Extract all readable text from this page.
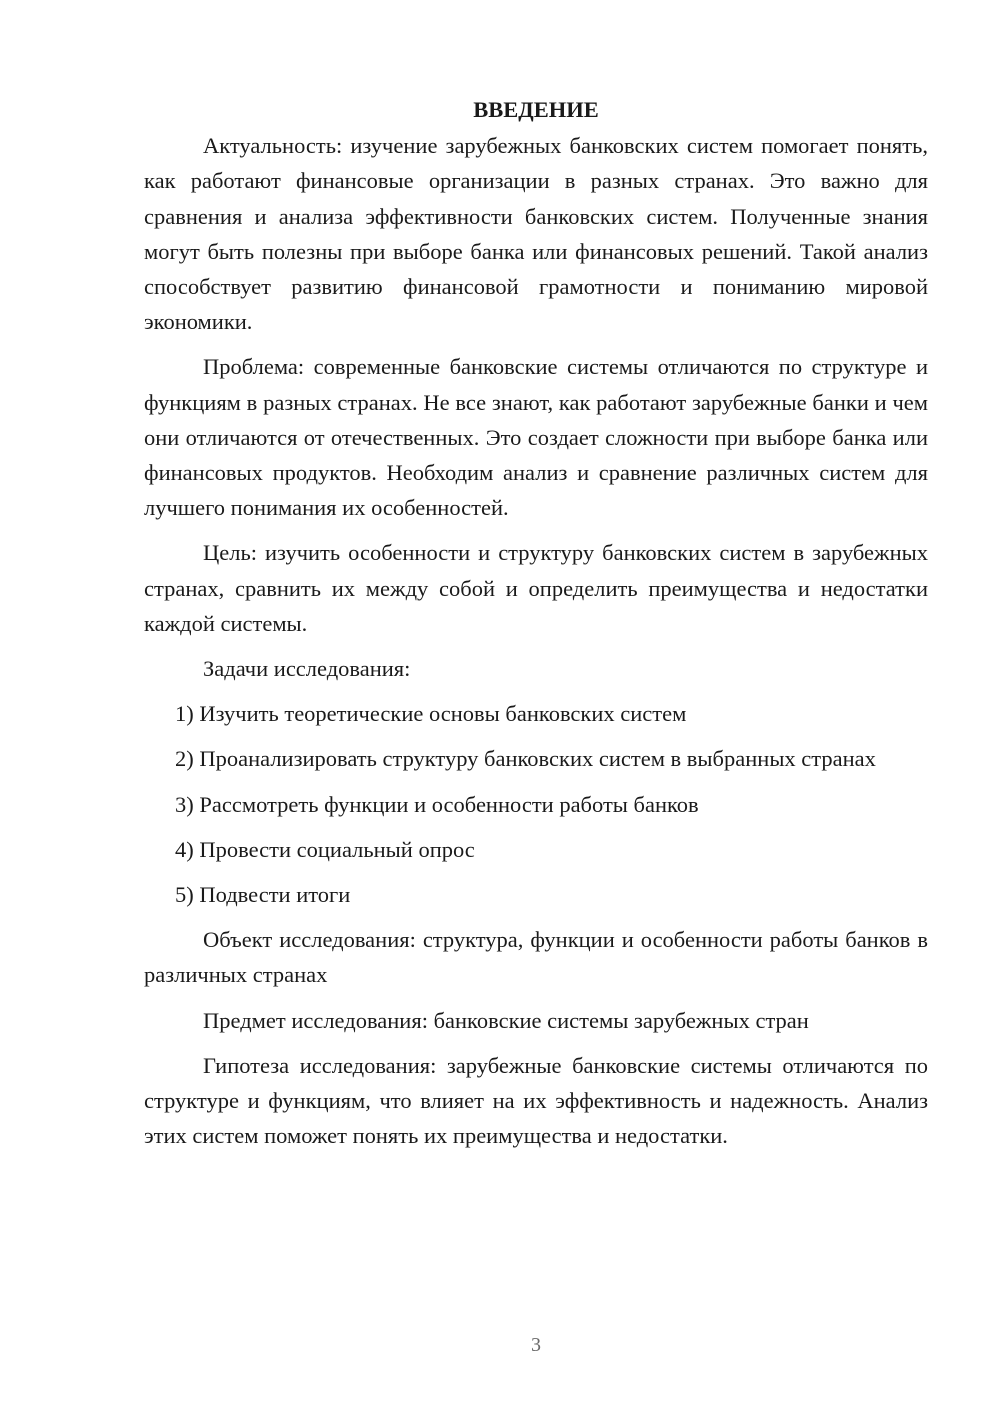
ВВЕДЕНИЕ

Актуальность: изучение зарубежных банковских систем помогает понять, как работают финансовые организации в разных странах. Это важно для сравнения и анализа эффективности банковских систем. Полученные знания могут быть полезны при выборе банка или финансовых решений. Такой анализ способствует развитию финансовой грамотности и пониманию мировой экономики.

Проблема: современные банковские системы отличаются по структуре и функциям в разных странах. Не все знают, как работают зарубежные банки и чем они отличаются от отечественных. Это создает сложности при выборе банка или финансовых продуктов. Необходим анализ и сравнение различных систем для лучшего понимания их особенностей.

Цель: изучить особенности и структуру банковских систем в зарубежных странах, сравнить их между собой и определить преимущества и недостатки каждой системы.

Задачи исследования:

1) Изучить теоретические основы банковских систем

2) Проанализировать структуру банковских систем в выбранных странах

3) Рассмотреть функции и особенности работы банков

4) Провести социальный опрос

5) Подвести итоги

Объект исследования: структура, функции и особенности работы банков в различных странах

Предмет исследования: банковские системы зарубежных стран

Гипотеза исследования: зарубежные банковские системы отличаются по структуре и функциям, что влияет на их эффективность и надежность. Анализ этих систем поможет понять их преимущества и недостатки.

3
